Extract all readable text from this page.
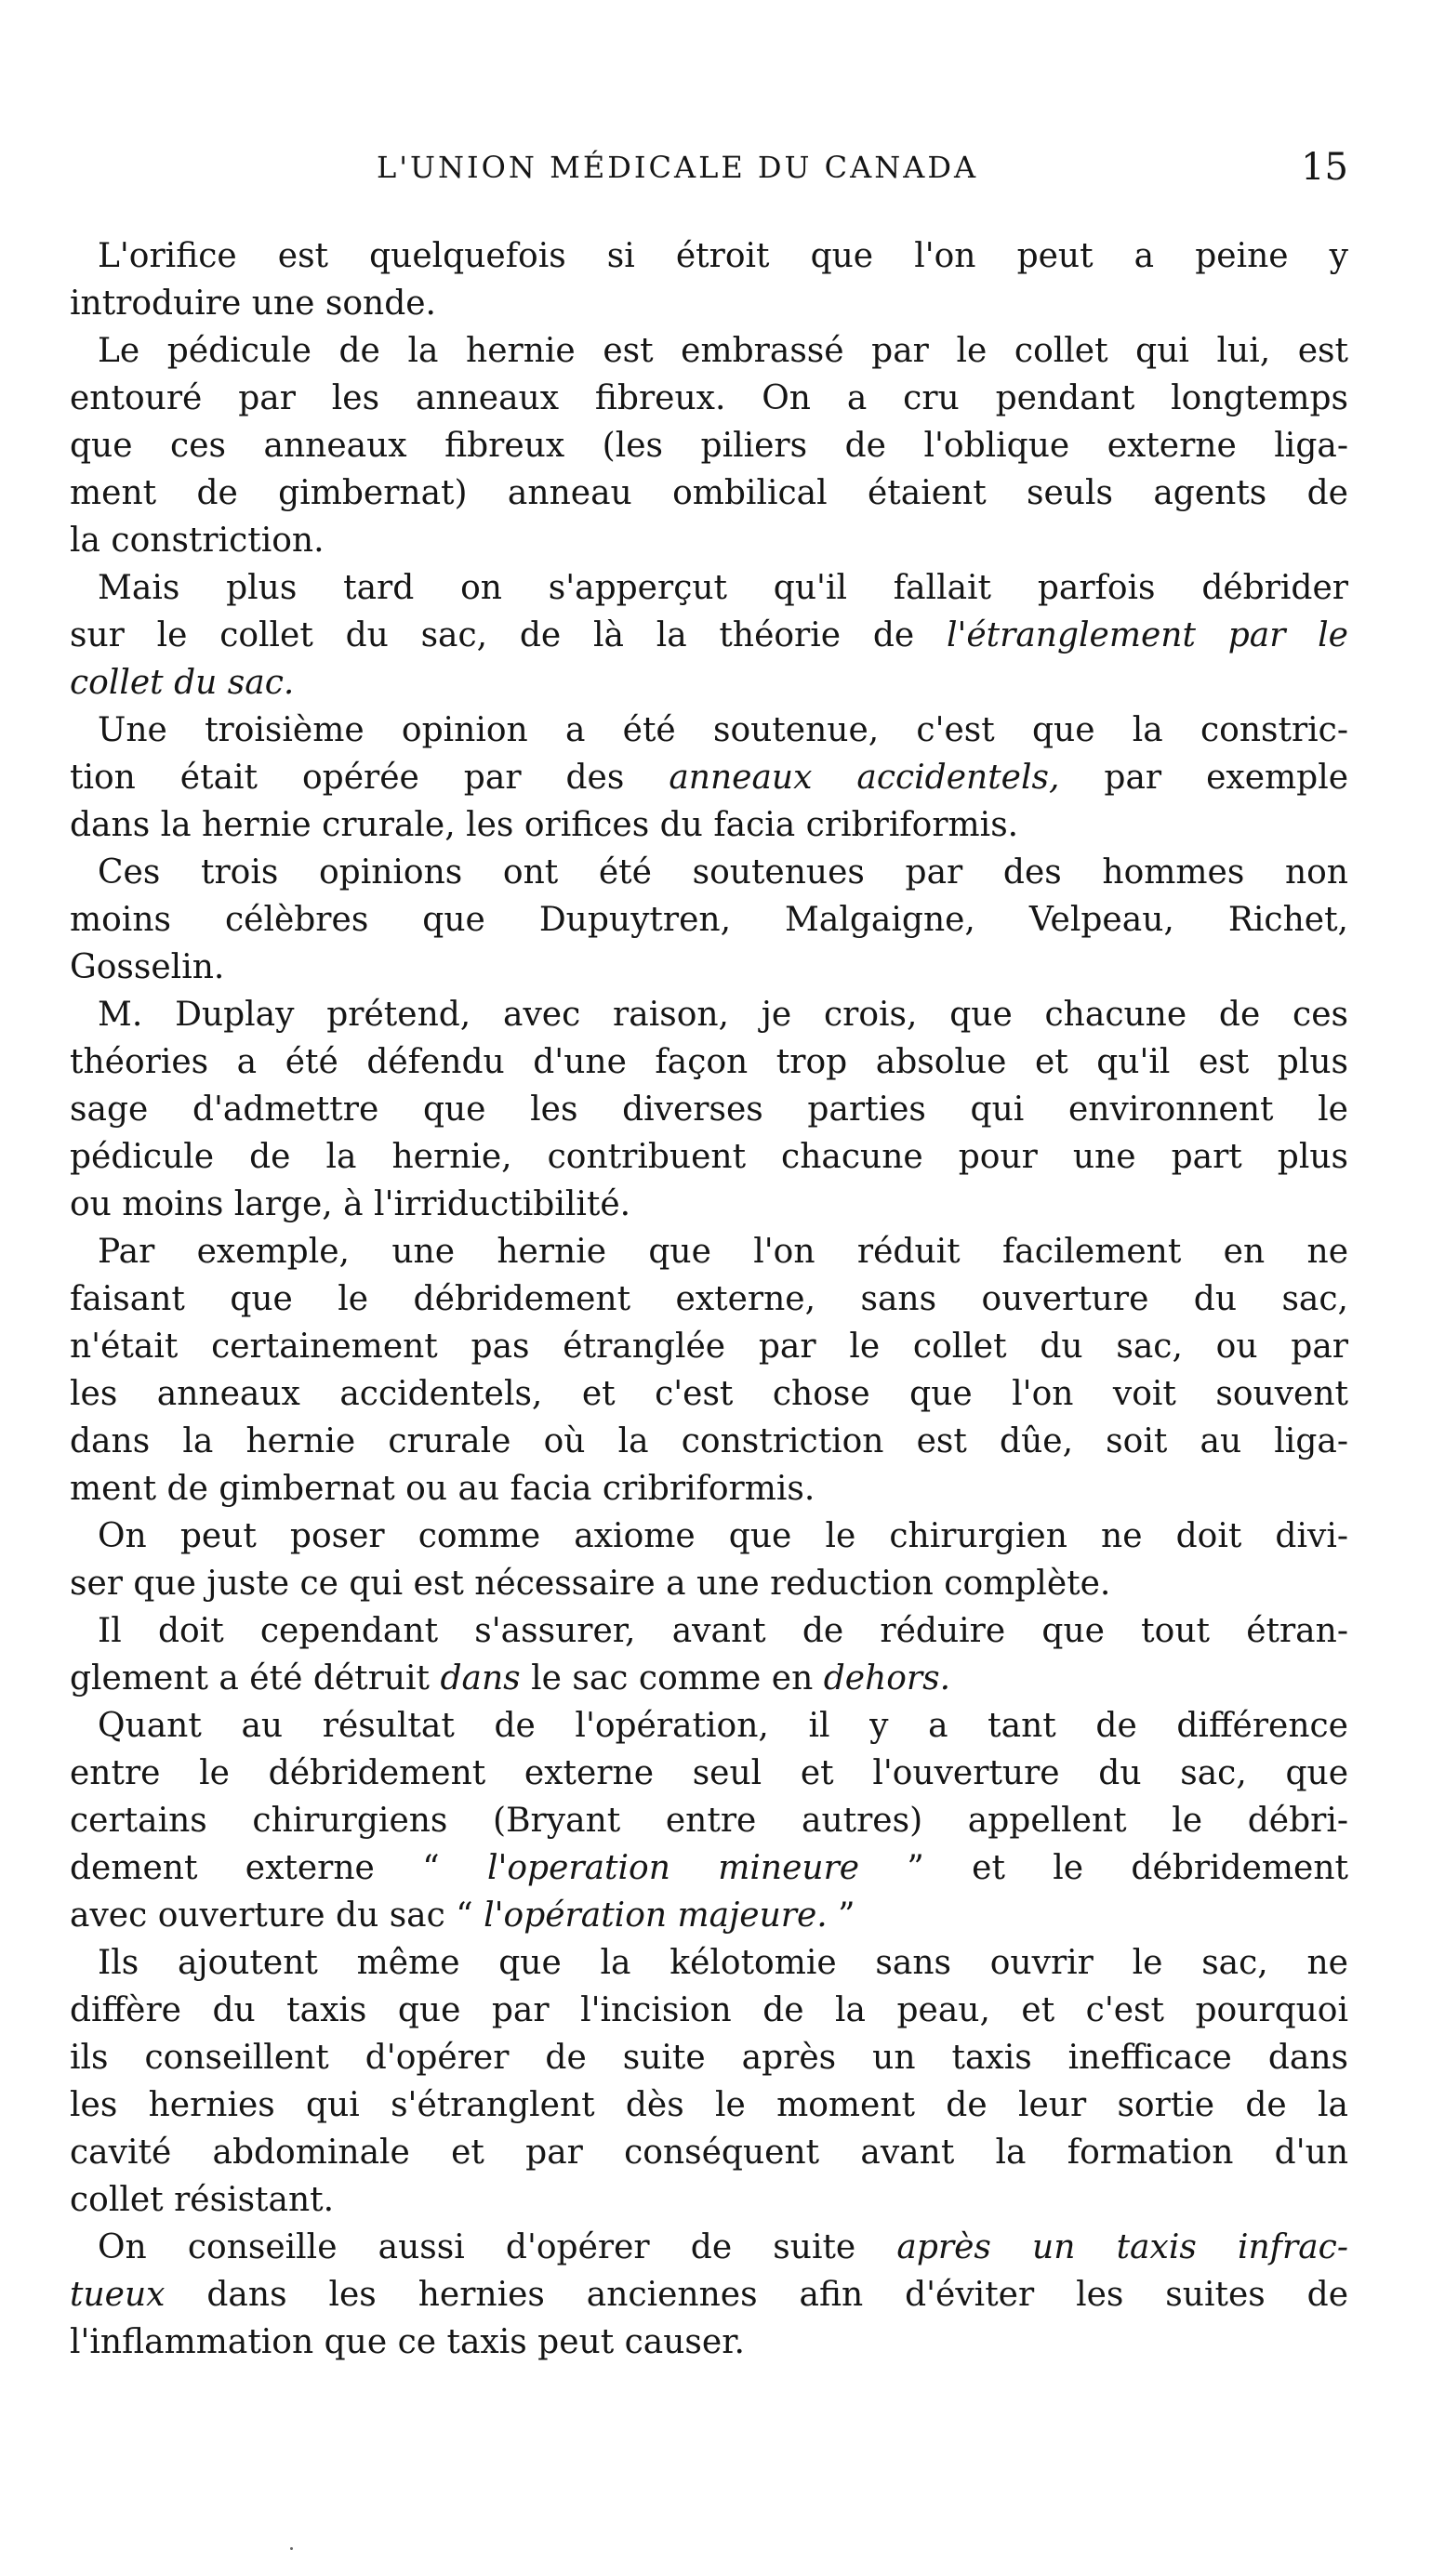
L'UNION MÉDICALE DU CANADA	15
L'orifice est quelquefois si étroit que l'on peut a peine y
introduire une sonde.
Le pédicule de la hernie est embrassé par le collet qui lui, est
entouré par les anneaux fibreux. On a cru pendant longtemps
que ces anneaux fibreux (les piliers de l'oblique externe liga-
ment de gimbernat) anneau ombilical étaient seuls agents de
la constriction.
Mais plus tard on s'apperçut qu'il fallait parfois débrider
sur le collet du sac, de là la théorie de l'étranglement par le
collet du sac.
Une troisième opinion a été soutenue, c'est que la constric-
tion était opérée par des anneaux accidentels, par exemple
dans la hernie crurale, les orifices du facia cribriformis.
Ces trois opinions ont été soutenues par des hommes non
moins célèbres que Dupuytren, Malgaigne, Velpeau, Richet,
Gosselin.
M. Duplay prétend, avec raison, je crois, que chacune de ces
théories a été défendu d'une façon trop absolue et qu'il est plus
sage d'admettre que les diverses parties qui environnent le
pédicule de la hernie, contribuent chacune pour une part plus
ou moins large, à l'irriductibilité.
Par exemple, une hernie que l'on réduit facilement en ne
faisant que le débridement externe, sans ouverture du sac,
n'était certainement pas étranglée par le collet du sac, ou par
les anneaux accidentels, et c'est chose que l'on voit souvent
dans la hernie crurale où la constriction est dûe, soit au liga-
ment de gimbernat ou au facia cribriformis.
On peut poser comme axiome que le chirurgien ne doit divi-
ser que juste ce qui est nécessaire a une reduction complète.
Il doit cependant s'assurer, avant de réduire que tout étran-
glement a été détruit dans le sac comme en dehors.
Quant au résultat de l'opération, il y a tant de différence
entre le débridement externe seul et l'ouverture du sac, que
certains chirurgiens (Bryant entre autres) appellent le débri-
dement externe “ l'operation mineure ” et le débridement
avec ouverture du sac “ l'opération majeure. ”
Ils ajoutent même que la kélotomie sans ouvrir le sac, ne
diffère du taxis que par l'incision de la peau, et c'est pourquoi
ils conseillent d'opérer de suite après un taxis inefficace dans
les hernies qui s'étranglent dès le moment de leur sortie de la
cavité abdominale et par conséquent avant la formation d'un
collet résistant.
On conseille aussi d'opérer de suite après un taxis infrac-
tueux dans les hernies anciennes afin d'éviter les suites de
l'inflammation que ce taxis peut causer.
